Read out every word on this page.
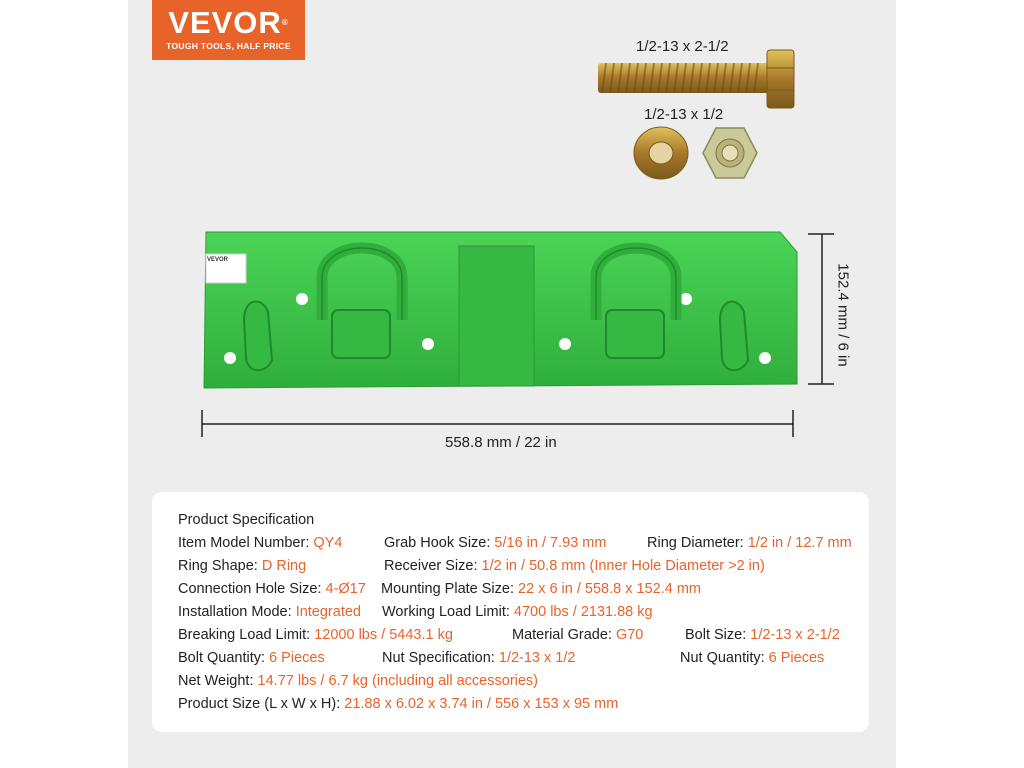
VEVOR®
TOUGH TOOLS, HALF PRICE
VEVOR
1/2-13 x 2-1/2
1/2-13 x 1/2
558.8 mm / 22 in
152.4 mm / 6 in
Product Specification
Item Model Number: QY4	Grab Hook Size: 5/16 in / 7.93 mm	Ring Diameter: 1/2 in / 12.7 mm
Ring Shape: D Ring	Receiver Size: 1/2 in / 50.8 mm (Inner Hole Diameter >2 in)
Connection Hole Size: 4-Ø17 Mounting Plate Size: 22 x 6 in / 558.8 x 152.4 mm
Installation Mode: Integrated Working Load Limit: 4700 lbs / 2131.88 kg
Breaking Load Limit: 12000 lbs / 5443.1 kg	Material Grade: G70	Bolt Size: 1/2-13 x 2-1/2
Bolt Quantity: 6 Pieces	Nut Specification: 1/2-13 x 1/2	Nut Quantity: 6 Pieces
Net Weight: 14.77 lbs / 6.7 kg (including all accessories)
Product Size (L x W x H): 21.88 x 6.02 x 3.74 in / 556 x 153 x 95 mm
